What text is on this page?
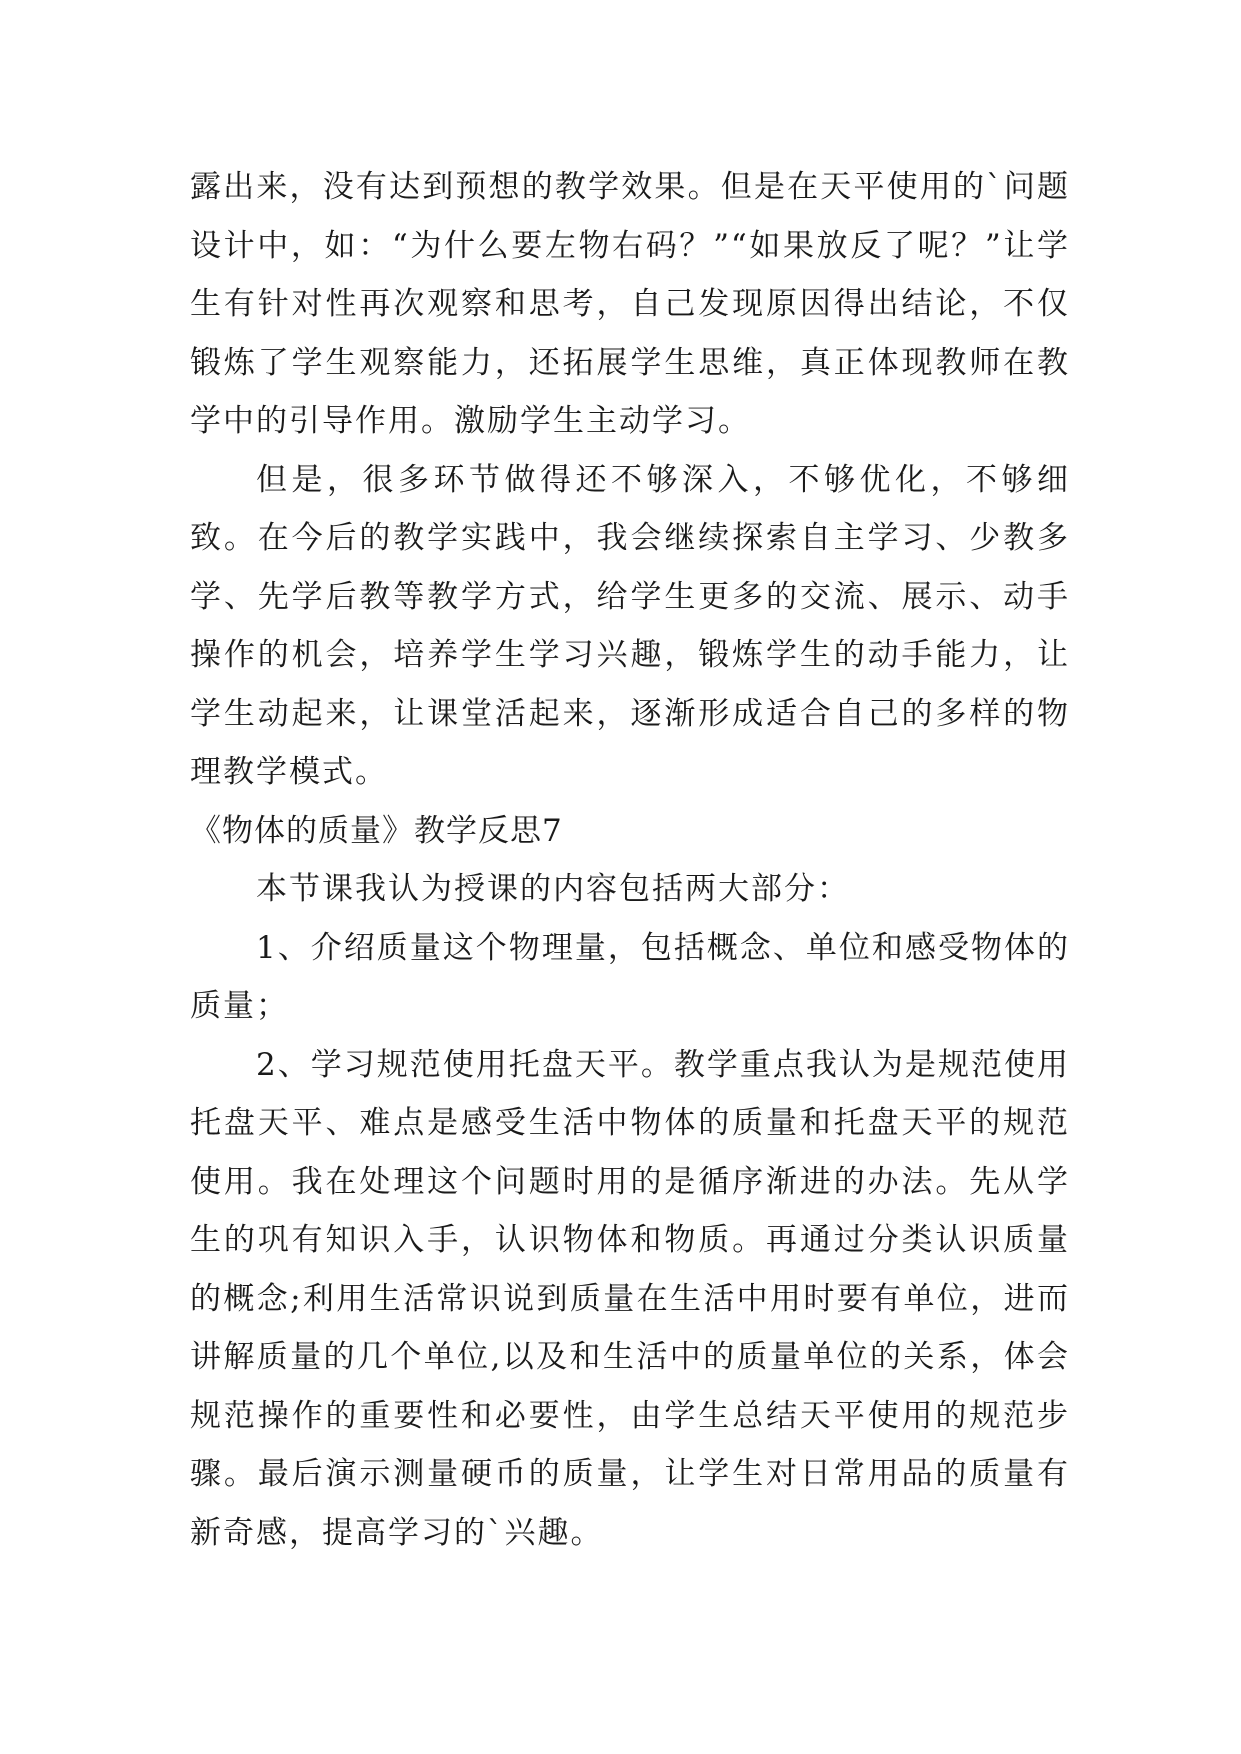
露出来，没有达到预想的教学效果。但是在天平使用的`问题设计中，如：“为什么要左物右码？”“如果放反了呢？”让学生有针对性再次观察和思考，自己发现原因得出结论，不仅锻炼了学生观察能力，还拓展学生思维，真正体现教师在教学中的引导作用。激励学生主动学习。

但是，很多环节做得还不够深入，不够优化，不够细致。在今后的教学实践中，我会继续探索自主学习、少教多学、先学后教等教学方式，给学生更多的交流、展示、动手操作的机会，培养学生学习兴趣，锻炼学生的动手能力，让学生动起来，让课堂活起来，逐渐形成适合自己的多样的物理教学模式。

《物体的质量》教学反思7

本节课我认为授课的内容包括两大部分：

1、介绍质量这个物理量，包括概念、单位和感受物体的质量；

2、学习规范使用托盘天平。教学重点我认为是规范使用托盘天平、难点是感受生活中物体的质量和托盘天平的规范使用。我在处理这个问题时用的是循序渐进的办法。先从学生的巩有知识入手，认识物体和物质。再通过分类认识质量的概念;利用生活常识说到质量在生活中用时要有单位，进而讲解质量的几个单位,以及和生活中的质量单位的关系，体会规范操作的重要性和必要性，由学生总结天平使用的规范步骤。最后演示测量硬币的质量，让学生对日常用品的质量有新奇感，提高学习的`兴趣。
